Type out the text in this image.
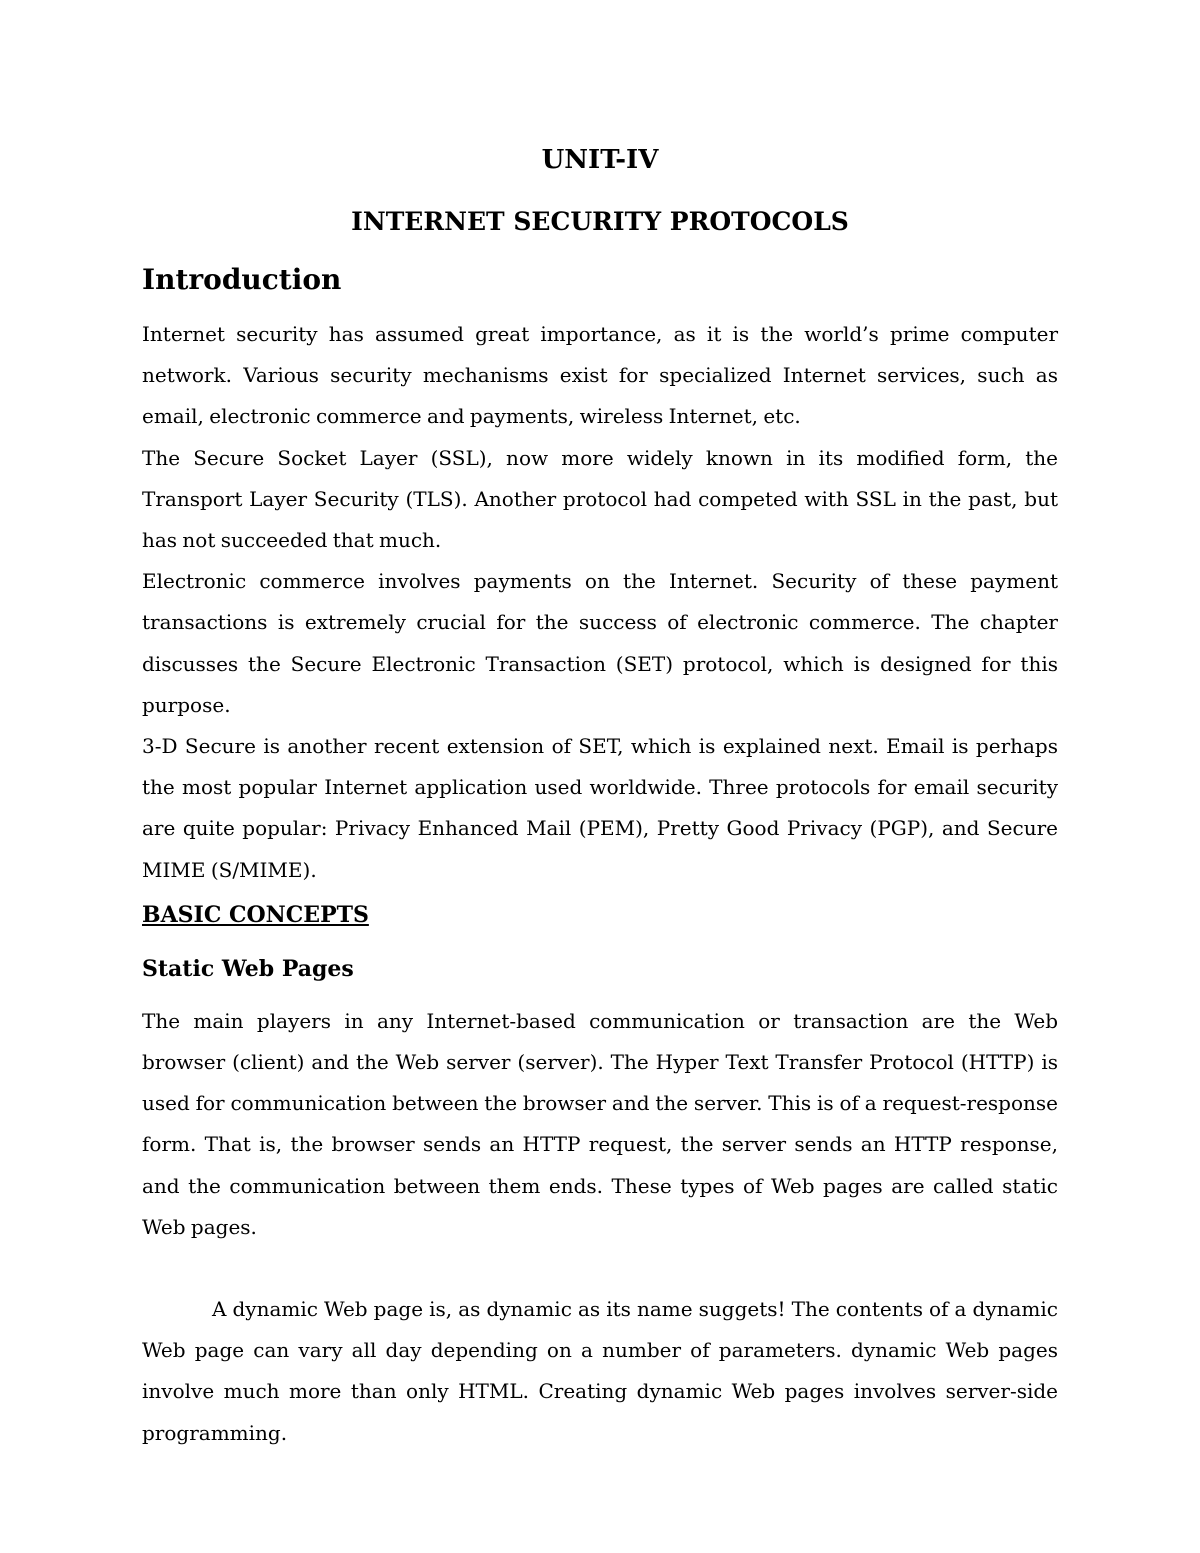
UNIT-IV
INTERNET SECURITY PROTOCOLS
Introduction

Internet security has assumed great importance, as it is the world’s prime computer network. Various security mechanisms exist for specialized Internet services, such as email, electronic commerce and payments, wireless Internet, etc.

The Secure Socket Layer (SSL), now more widely known in its modified form, the Transport Layer Security (TLS). Another protocol had competed with SSL in the past, but has not succeeded that much.

Electronic commerce involves payments on the Internet. Security of these payment transactions is extremely crucial for the success of electronic commerce. The chapter discusses the Secure Electronic Transaction (SET) protocol, which is designed for this purpose.

3-D Secure is another recent extension of SET, which is explained next. Email is perhaps the most popular Internet application used worldwide. Three protocols for email security are quite popular: Privacy Enhanced Mail (PEM), Pretty Good Privacy (PGP), and Secure MIME (S/MIME).

BASIC CONCEPTS
Static Web Pages

The main players in any Internet-based communication or transaction are the Web browser (client) and the Web server (server). The Hyper Text Transfer Protocol (HTTP) is used for communication between the browser and the server. This is of a request-response form. That is, the browser sends an HTTP request, the server sends an HTTP response, and the communication between them ends. These types of Web pages are called static Web pages.

A dynamic Web page is, as dynamic as its name suggets! The contents of a dynamic Web page can vary all day depending on a number of parameters. dynamic Web pages involve much more than only HTML. Creating dynamic Web pages involves server-side programming.
